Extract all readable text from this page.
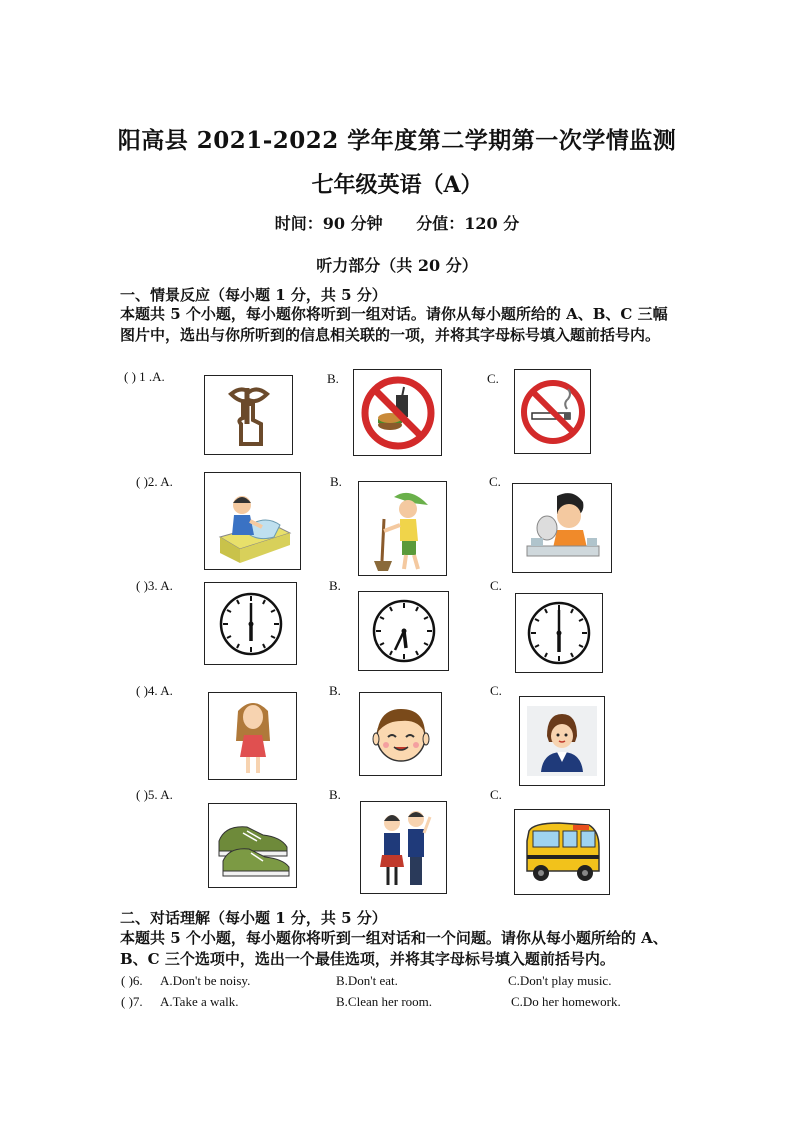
阳高县 2021-2022 学年度第二学期第一次学情监测
七年级英语（A）
时间：90 分钟 分值：120 分
听力部分（共 20 分）
一、情景反应（每小题 1 分，共 5 分）
本题共 5 个小题，每小题你将听到一组对话。请你从每小题所给的 A、B、C 三幅图片中，选出与你所听到的信息相关联的一项，并将其字母标号填入题前括号内。
( ) 1 .A.	B.	C.
( )2. A.	B.	C.
( )3. A.	B.	C.
( )4. A.	B.	C.
( )5. A.	B.	C.
二、对话理解（每小题 1 分，共 5 分）
本题共 5 个小题，每小题你将听到一组对话和一个问题。请你从每小题所给的 A、B、C 三个选项中，选出一个最佳选项，并将其字母标号填入题前括号内。
( )6. A.Don't be noisy.	B.Don't eat.	C.Don't play music.
( )7. A.Take a walk.	B.Clean her room.	C.Do her homework.
